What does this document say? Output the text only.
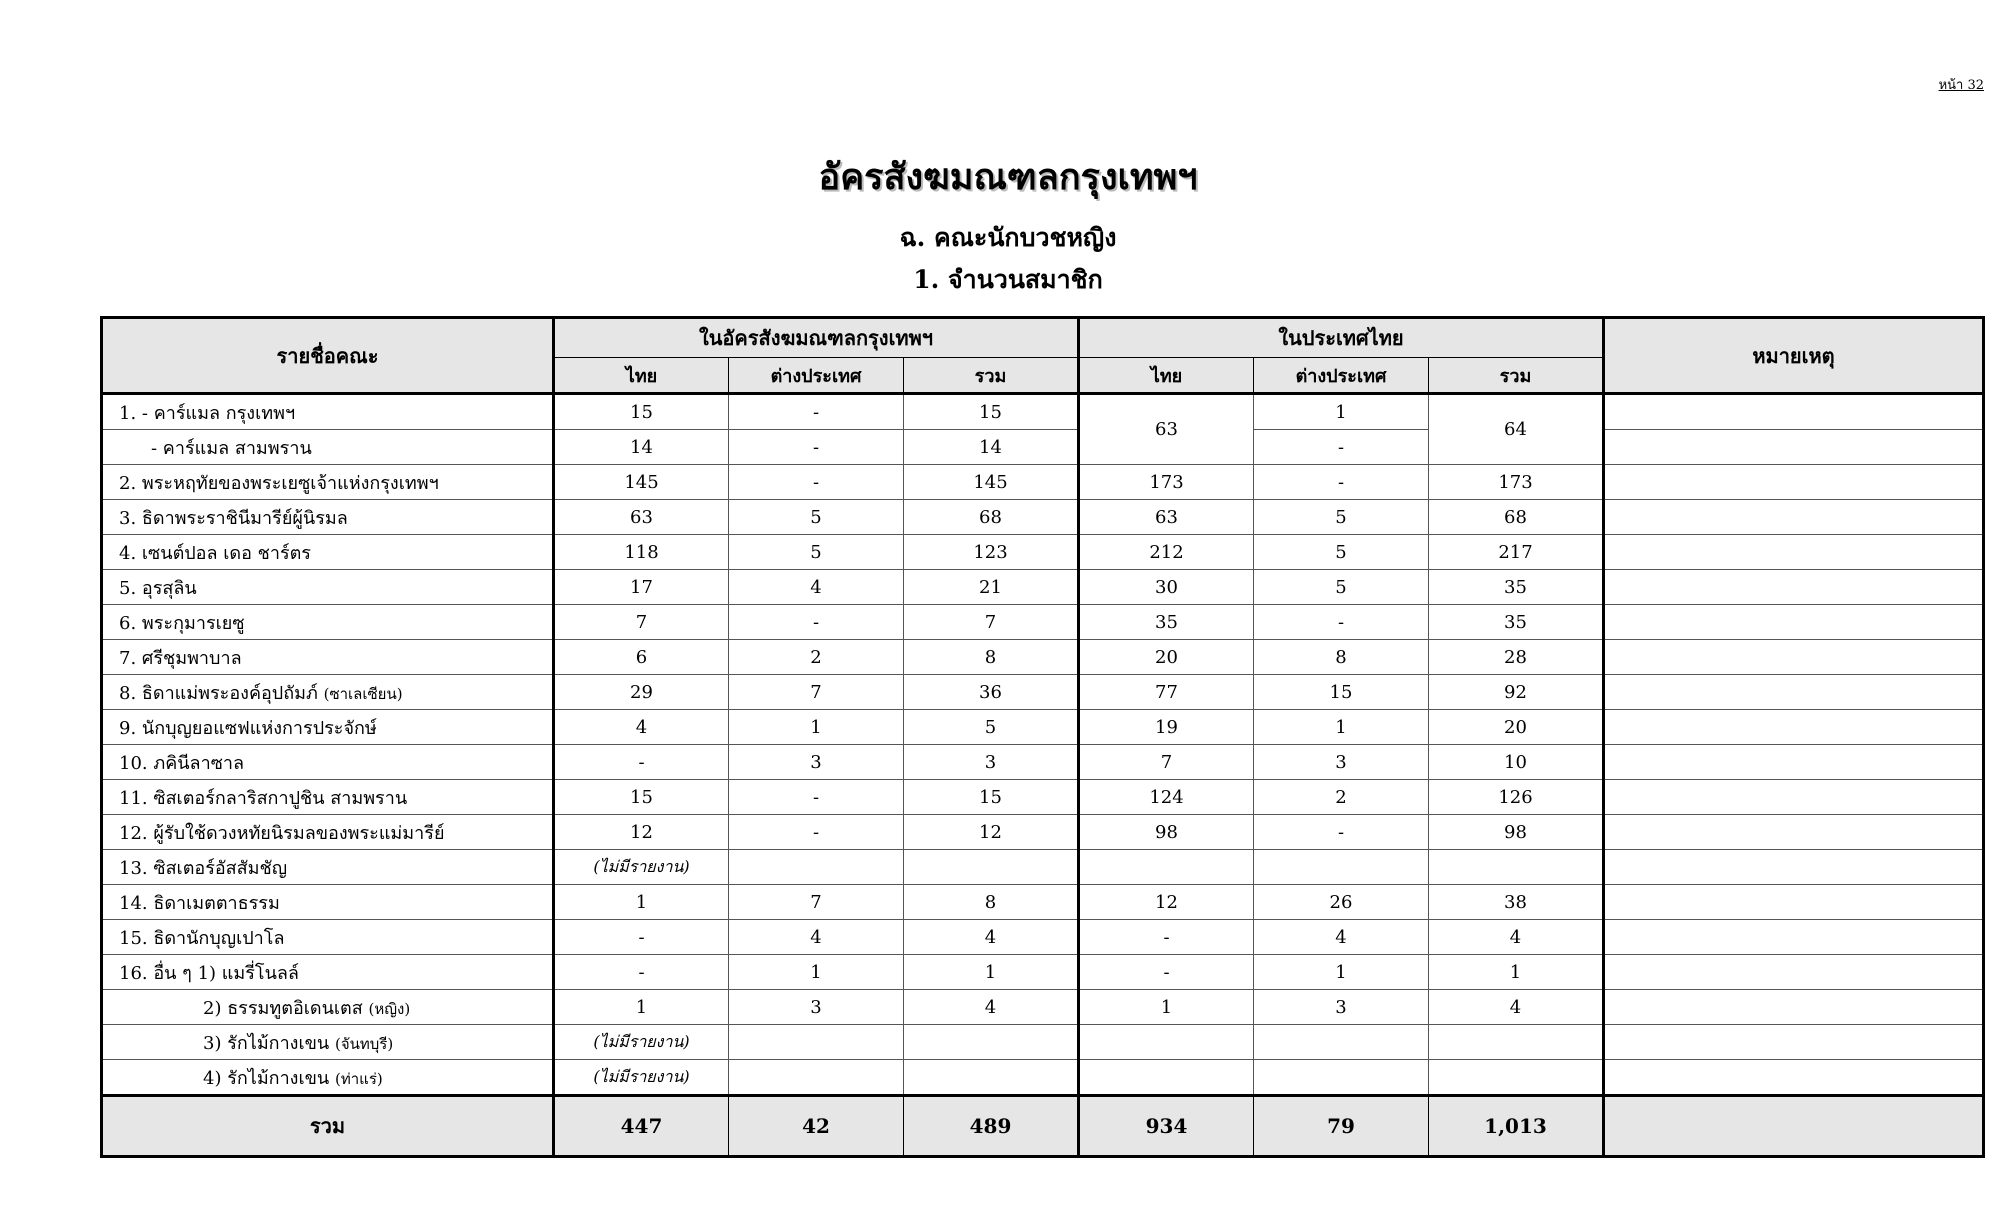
หน้า 32
อัครสังฆมณฑลกรุงเทพฯ
ฉ. คณะนักบวชหญิง
1. จำนวนสมาชิก
รายชื่อคณะ	ในอัครสังฆมณฑลกรุงเทพฯ			ในประเทศไทย			หมายเหตุ
	ไทย	ต่างประเทศ	รวม	ไทย	ต่างประเทศ	รวม	
1. - คาร์แมล กรุงเทพฯ	15	-	15	63	1	64	
- คาร์แมล สามพราน	14	-	14		-		
2. พระหฤทัยของพระเยซูเจ้าแห่งกรุงเทพฯ	145	-	145	173	-	173	
3. ธิดาพระราชินีมารีย์ผู้นิรมล	63	5	68	63	5	68	
4. เซนต์ปอล เดอ ชาร์ตร	118	5	123	212	5	217	
5. อุรสุลิน	17	4	21	30	5	35	
6. พระกุมารเยซู	7	-	7	35	-	35	
7. ศรีชุมพาบาล	6	2	8	20	8	28	
8. ธิดาแม่พระองค์อุปถัมภ์ (ซาเลเซียน)	29	7	36	77	15	92	
9. นักบุญยอแซฟแห่งการประจักษ์	4	1	5	19	1	20	
10. ภคินีลาซาล	-	3	3	7	3	10	
11. ซิสเตอร์กลาริสกาปูชิน สามพราน	15	-	15	124	2	126	
12. ผู้รับใช้ดวงหทัยนิรมลของพระแม่มารีย์	12	-	12	98	-	98	
13. ซิสเตอร์อัสสัมชัญ	(ไม่มีรายงาน)						
14. ธิดาเมตตาธรรม	1	7	8	12	26	38	
15. ธิดานักบุญเปาโล	-	4	4	-	4	4	
16. อื่น ๆ 1) แมรี่โนลล์	-	1	1	-	1	1	
2) ธรรมทูตอิเดนเตส (หญิง)	1	3	4	1	3	4	
3) รักไม้กางเขน (จันทบุรี)	(ไม่มีรายงาน)						
4) รักไม้กางเขน (ท่าแร่)	(ไม่มีรายงาน)						
รวม	447	42	489	934	79	1,013	
